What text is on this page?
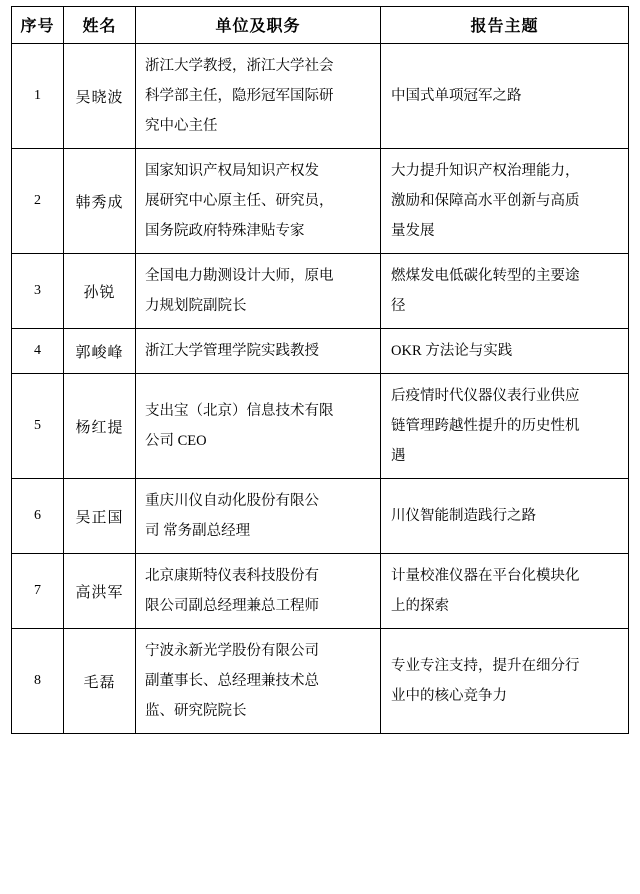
序号	姓名	单位及职务	报告主题
1	吴晓波	浙江大学教授，浙江大学社会
科学部主任，隐形冠军国际研
究中心主任	中国式单项冠军之路

2	韩秀成	国家知识产权局知识产权发
展研究中心原主任、研究员，
国务院政府特殊津贴专家	大力提升知识产权治理能力，
激励和保障高水平创新与高质
量发展

3	孙锐	全国电力勘测设计大师，原电
力规划院副院长	燃煤发电低碳化转型的主要途
径

4	郭峻峰	浙江大学管理学院实践教授	OKR 方法论与实践

5	杨红提	支出宝（北京）信息技术有限
公司 CEO	后疫情时代仪器仪表行业供应
链管理跨越性提升的历史性机
遇

6	吴正国	重庆川仪自动化股份有限公
司 常务副总经理	川仪智能制造践行之路

7	高洪军	北京康斯特仪表科技股份有
限公司副总经理兼总工程师	计量校准仪器在平台化模块化
上的探索

8	毛磊	宁波永新光学股份有限公司
副董事长、总经理兼技术总
监、研究院院长	专业专注支持，提升在细分行
业中的核心竞争力
